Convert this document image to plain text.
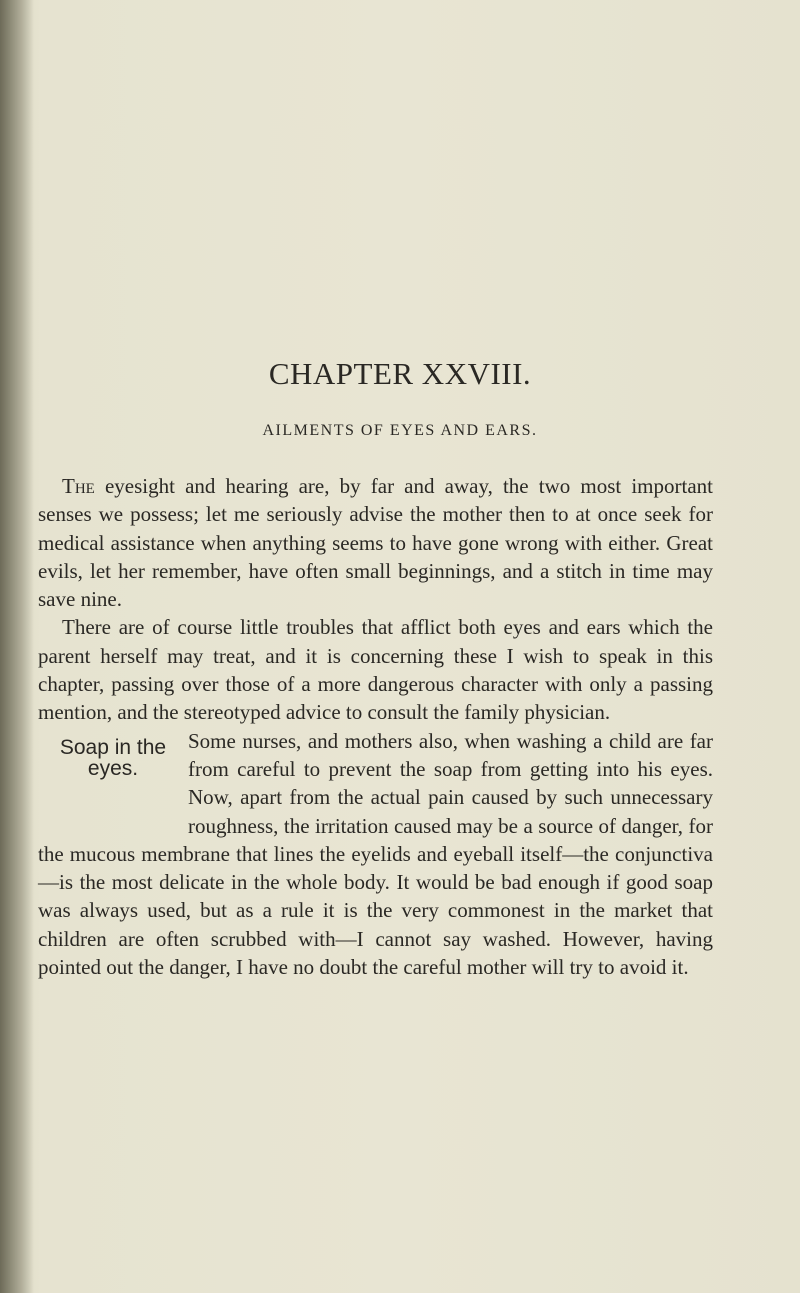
CHAPTER XXVIII.
AILMENTS OF EYES AND EARS.

The eyesight and hearing are, by far and away, the two most important senses we possess; let me seriously advise the mother then to at once seek for medical assistance when anything seems to have gone wrong with either. Great evils, let her remember, have often small beginnings, and a stitch in time may save nine.

There are of course little troubles that afflict both eyes and ears which the parent herself may treat, and it is concerning these I wish to speak in this chapter, passing over those of a more dangerous character with only a passing mention, and the stereotyped advice to consult the family physician.

Soap in the
eyes.

Some nurses, and mothers also, when washing a child are far from careful to prevent the soap from getting into his eyes. Now, apart from the actual pain caused by such unnecessary roughness, the irritation caused may be a source of danger, for the mucous membrane that lines the eyelids and eyeball itself—the conjunctiva—is the most delicate in the whole body. It would be bad enough if good soap was always used, but as a rule it is the very commonest in the market that children are often scrubbed with—I cannot say washed. However, having pointed out the danger, I have no doubt the careful mother will try to avoid it.
